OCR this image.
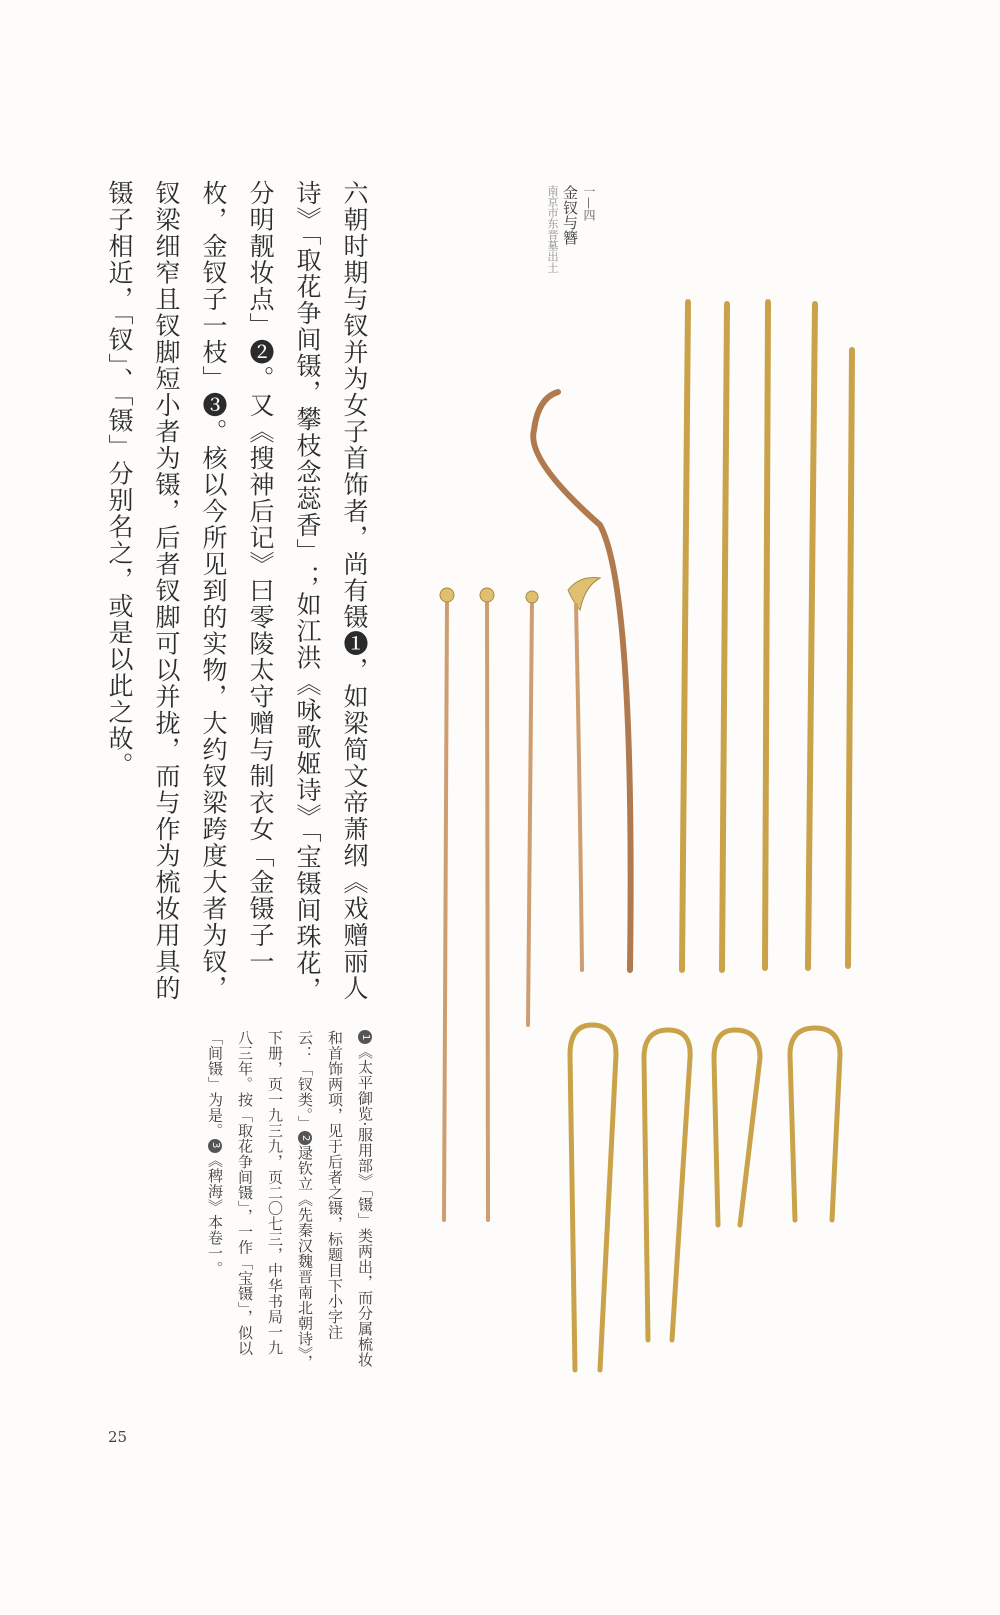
一—四
金钗与簪
南京市东晋墓出土

六朝时期与钗并为女子首饰者，尚有镊❶，如梁简文帝萧纲《戏赠丽人诗》「取花争间镊，攀枝念蕊香」；如江洪《咏歌姬诗》「宝镊间珠花，分明靓妆点」❷。又《搜神后记》曰零陵太守赠与制衣女「金镊子一枚，金钗子一枝」❸。核以今所见到的实物，大约钗梁跨度大者为钗，钗梁细窄且钗脚短小者为镊，后者钗脚可以并拢，而与作为梳妆用具的镊子相近，「钗」、「镊」分别名之，或是以此之故。

1《太平御览·服用部》「镊」类两出，而分属梳妆和首饰两项，见于后者之镊，标题目下小字注云：「钗类。」2逯钦立《先秦汉魏晋南北朝诗》，下册，页一九三九，页二〇七三，中华书局一九八三年。按「取花争间镊」，一作「宝镊」，似以「间镊」为是。3《稗海》本卷一。
25
